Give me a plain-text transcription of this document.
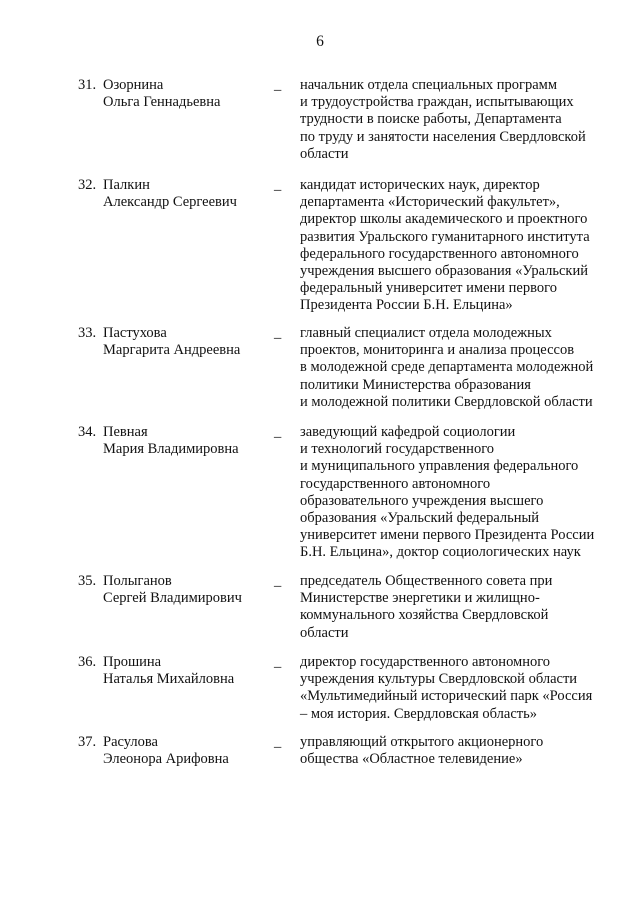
6
31. Озорнина
Ольга Геннадьевна
_ начальник отдела специальных программ
и трудоустройства граждан, испытывающих
трудности в поиске работы, Департамента
по труду и занятости населения Свердловской
области
32. Палкин
Александр Сергеевич
_ кандидат исторических наук, директор
департамента «Исторический факультет»,
директор школы академического и проектного
развития Уральского гуманитарного института
федерального государственного автономного
учреждения высшего образования «Уральский
федеральный университет имени первого
Президента России Б.Н. Ельцина»
33. Пастухова
Маргарита Андреевна
_ главный специалист отдела молодежных
проектов, мониторинга и анализа процессов
в молодежной среде департамента молодежной
политики Министерства образования
и молодежной политики Свердловской области
34. Певная
Мария Владимировна
_ заведующий кафедрой социологии
и технологий государственного
и муниципального управления федерального
государственного автономного
образовательного учреждения высшего
образования «Уральский федеральный
университет имени первого Президента России
Б.Н. Ельцина», доктор социологических наук
35. Полыганов
Сергей Владимирович
_ председатель Общественного совета при
Министерстве энергетики и жилищно-
коммунального хозяйства Свердловской
области
36. Прошина
Наталья Михайловна
_ директор государственного автономного
учреждения культуры Свердловской области
«Мультимедийный исторический парк «Россия
– моя история. Свердловская область»
37. Расулова
Элеонора Арифовна
_ управляющий открытого акционерного
общества «Областное телевидение»
